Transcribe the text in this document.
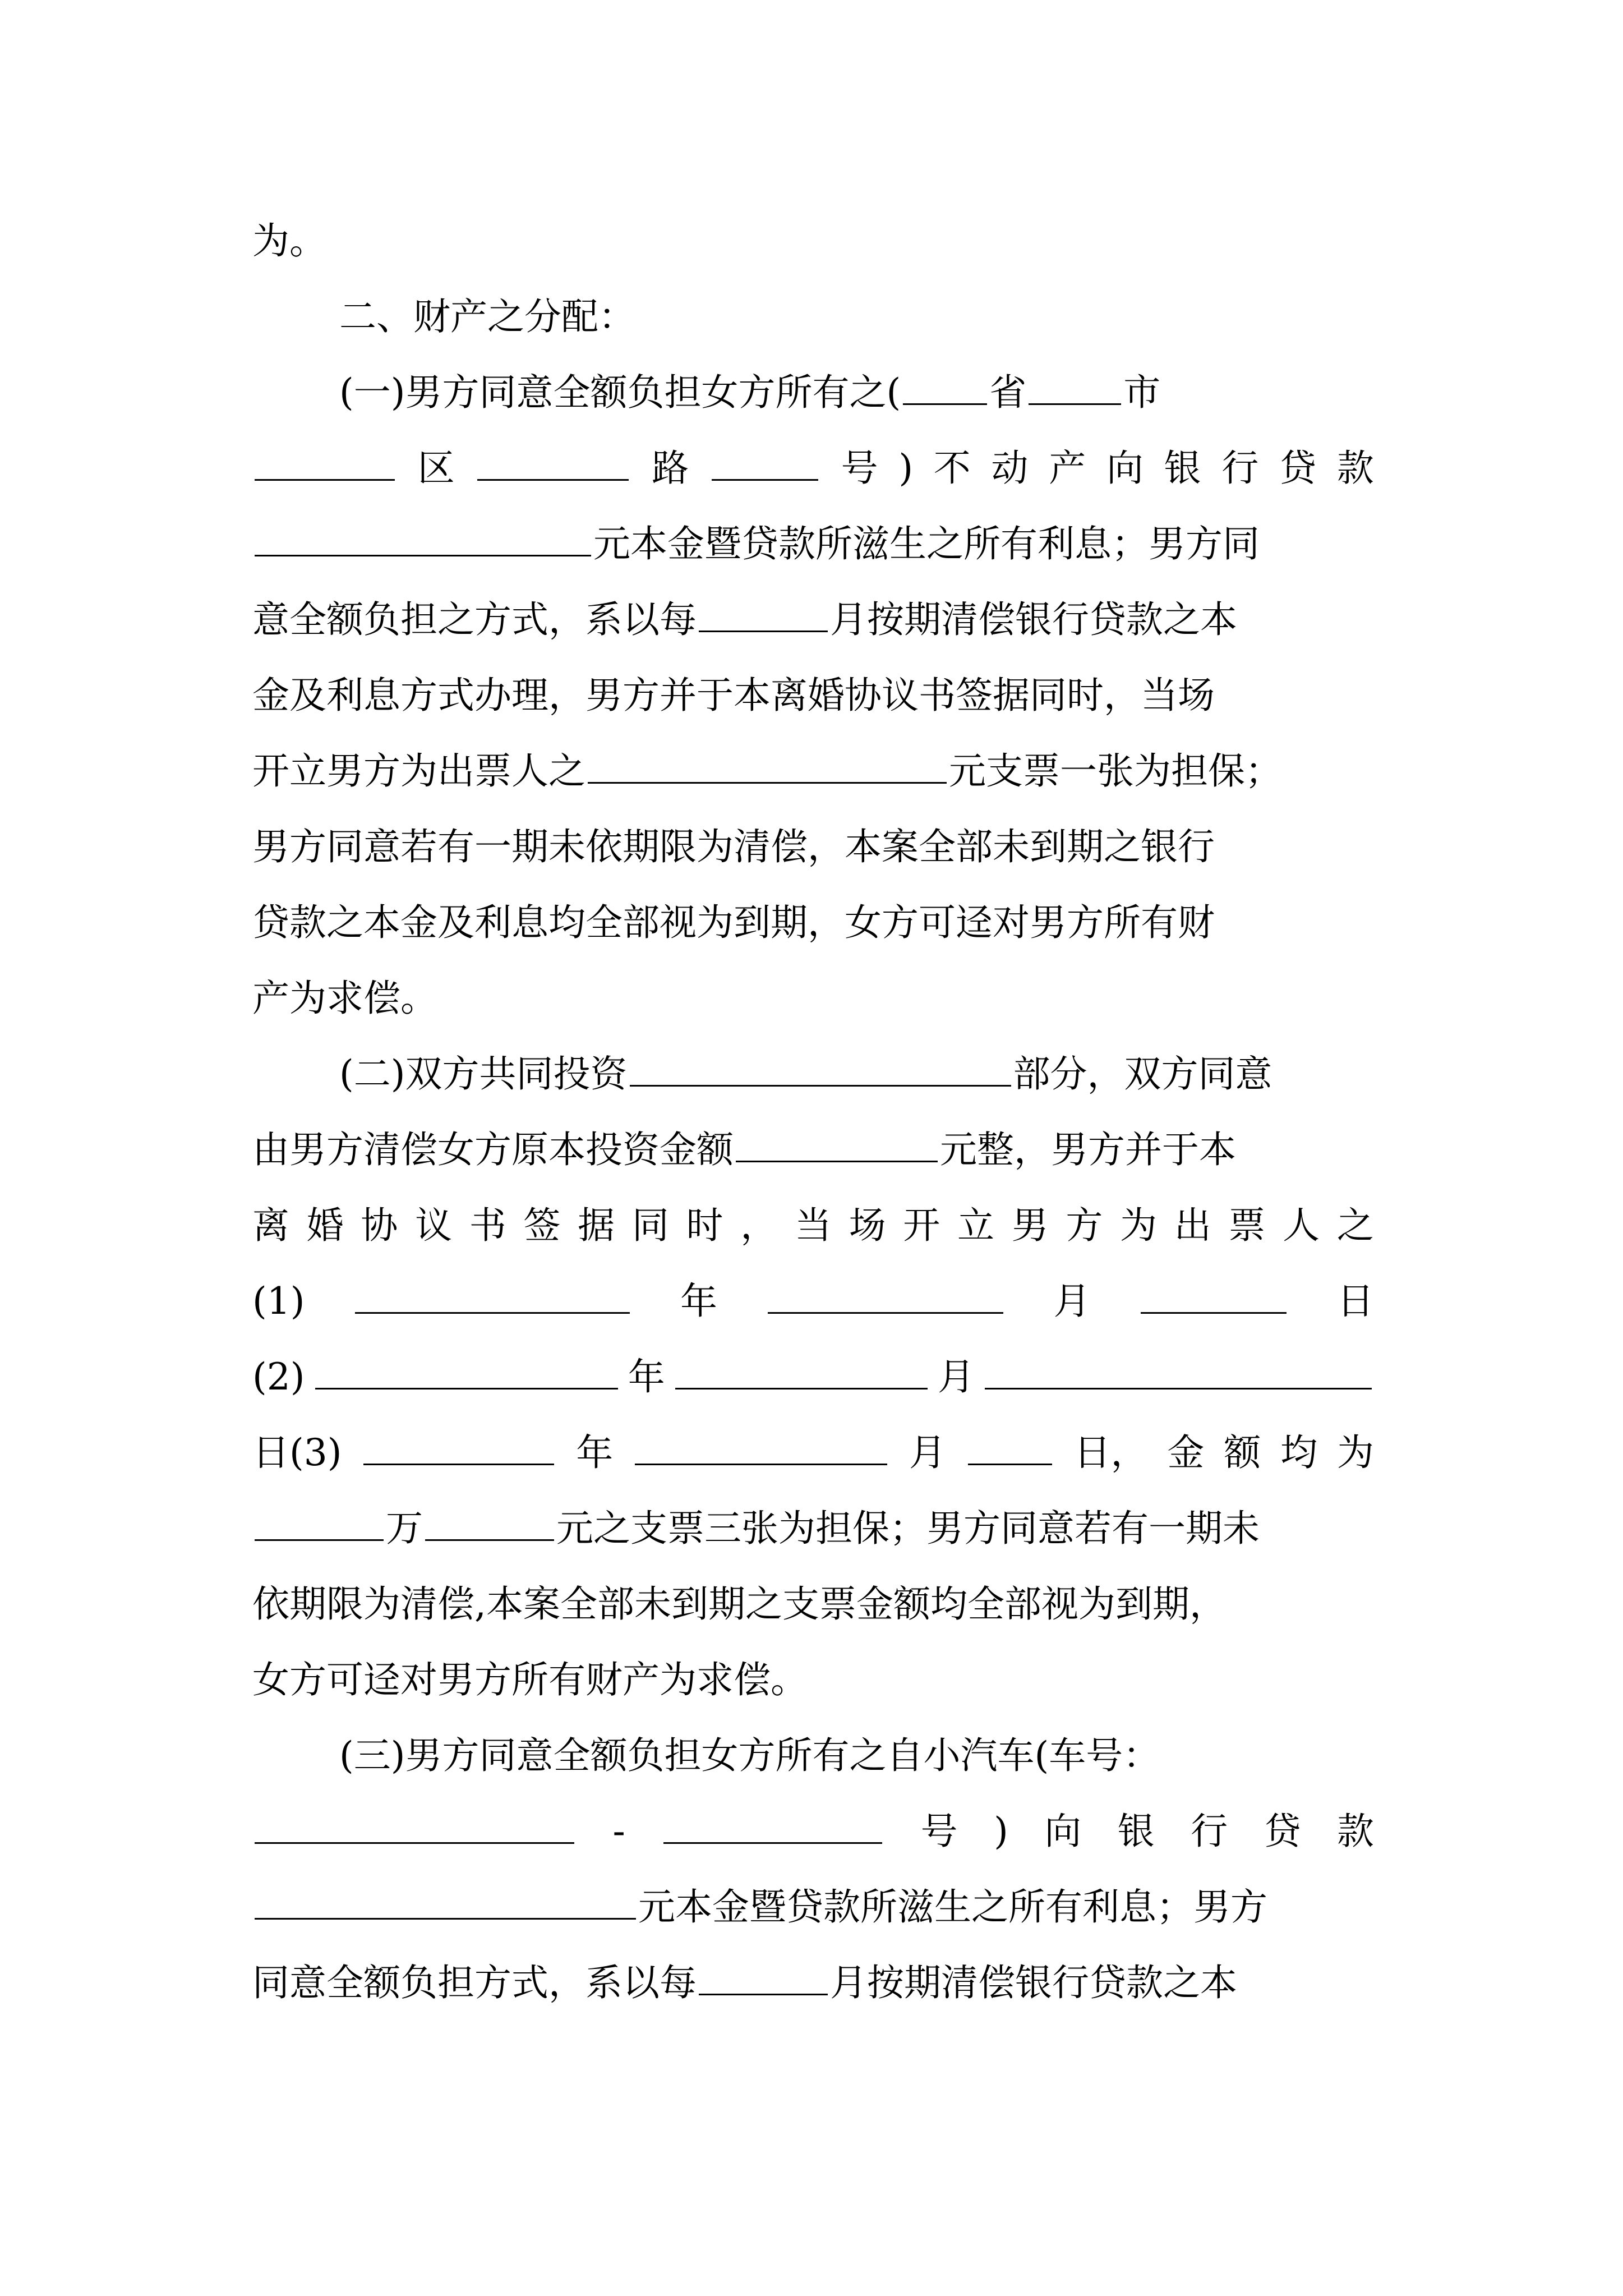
为。
二、财产之分配：
(一)男方同意全额负担女方所有之( 省	市
区	路	号 ) 不 动 产 向 银 行 贷 款
元本金暨贷款所滋生之所有利息；男方同
意全额负担之方式，系以每	月按期清偿银行贷款之本
金及利息方式办理，男方并于本离婚协议书签据同时，当场
开立男方为出票人之	元支票一张为担保；
男方同意若有一期未依期限为清偿，本案全部未到期之银行
贷款之本金及利息均全部视为到期，女方可迳对男方所有财
产为求偿。
(二)双方共同投资	部分，双方同意
由男方清偿女方原本投资金额	元整，男方并于本
离 婚 协 议 书 签 据 同 时 ， 当 场 开 立 男 方 为 出 票 人 之
(1)	年	月	日
(2)	年	月
日(3)	年	月	日， 金 额 均 为
万	元之支票三张为担保；男方同意若有一期未
依期限为清偿,本案全部未到期之支票金额均全部视为到期，
女方可迳对男方所有财产为求偿。
(三)男方同意全额负担女方所有之自小汽车(车号：
-	号 ) 向 银 行 贷 款
元本金暨贷款所滋生之所有利息；男方
同意全额负担方式，系以每	月按期清偿银行贷款之本
